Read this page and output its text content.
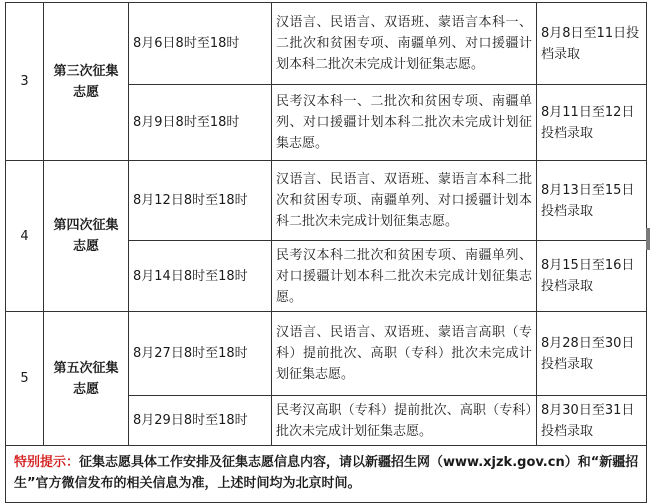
3	第三次征集志愿	8月6日8时至18时	汉语言、民语言、双语班、蒙语言本科一、二批次和贫困专项、南疆单列、对口援疆计划本科二批次未完成计划征集志愿。	8月8日至11日投档录取
		8月9日8时至18时	民考汉本科一、二批次和贫困专项、南疆单列、对口援疆计划本科二批次未完成计划征集志愿。	8月11日至12日投档录取
4	第四次征集志愿	8月12日8时至18时	汉语言、民语言、双语班、蒙语言本科二批次和贫困专项、南疆单列、对口援疆计划本科二批次未完成计划征集志愿。	8月13日至15日投档录取
		8月14日8时至18时	民考汉本科二批次和贫困专项、南疆单列、对口援疆计划本科二批次未完成计划征集志愿。	8月15日至16日投档录取
5	第五次征集志愿	8月27日8时至18时	汉语言、民语言、双语班、蒙语言高职（专科）提前批次、高职（专科）批次未完成计划征集志愿。	8月28日至30日投档录取
		8月29日8时至18时	民考汉高职（专科）提前批次、高职（专科）批次未完成计划征集志愿。	8月30日至31日投档录取
特别提示：征集志愿具体工作安排及征集志愿信息内容，请以新疆招生网（www.xjzk.gov.cn）和“新疆招生”官方微信发布的相关信息为准，上述时间均为北京时间。				
